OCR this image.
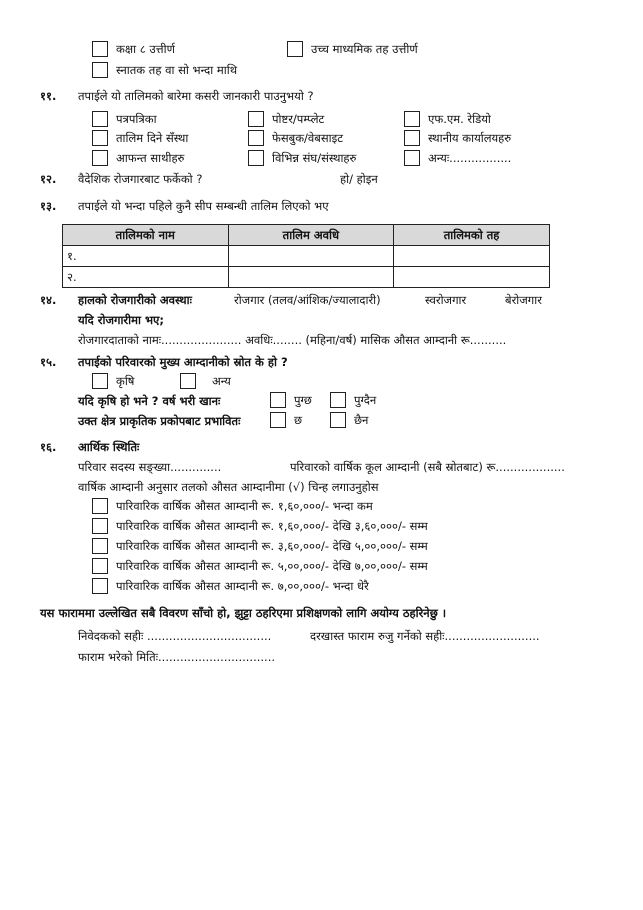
कक्षा ८ उत्तीर्ण	उच्च माध्यमिक तह उत्तीर्ण
स्नातक तह वा सो भन्दा माथि
११. तपाईले यो तालिमको बारेमा कसरी जानकारी पाउनुभयो ?
पत्रपत्रिका	पोष्टर/पम्प्लेट	एफ.एम. रेडियो
तालिम दिने सँस्था	फेसबुक/वेबसाइट	स्थानीय कार्यालयहरु
आफन्त साथीहरु	विभिन्न संघ/संस्थाहरु	अन्यः.................
१२. वैदेशिक रोजगारबाट फर्केको ?	हो/ होइन
१३. तपाईले यो भन्दा पहिले कुनै सीप सम्बन्धी तालिम लिएको भए
तालिमको नाम	तालिम अवधि	तालिमको तह
१.		
२.		
१४. हालको रोजगारीको अवस्थाः	रोजगार (तलव/आंशिक/ज्यालादारी)	स्वरोजगार	बेरोजगार
यदि रोजगारीमा भए;
रोजगारदाताको नामः...................... अवधिः........ (महिना/वर्ष) मासिक औसत आम्दानी रू..........
१५. तपाईको परिवारको मुख्य आम्दानीको स्रोत के हो ?
कृषि	अन्य
यदि कृषि हो भने ? वर्ष भरी खानः	पुग्छ	पुग्दैन
उक्त क्षेत्र प्राकृतिक प्रकोपबाट प्रभावितः	छ	छैन
१६. आर्थिक स्थितिः
परिवार सदस्य सङ्ख्या..............	परिवारको वार्षिक कूल आम्दानी (सबै स्रोतबाट) रू...................
वार्षिक आम्दानी अनुसार तलको औसत आम्दानीमा (√) चिन्ह लगाउनुहोस
पारिवारिक वार्षिक औसत आम्दानी रू. १,६०,०००/- भन्दा कम
पारिवारिक वार्षिक औसत आम्दानी रू. १,६०,०००/- देखि ३,६०,०००/- सम्म
पारिवारिक वार्षिक औसत आम्दानी रू. ३,६०,०००/- देखि ५,००,०००/- सम्म
पारिवारिक वार्षिक औसत आम्दानी रू. ५,००,०००/- देखि ७,००,०००/- सम्म
पारिवारिक वार्षिक औसत आम्दानी रू. ७,००,०००/- भन्दा धेरै
यस फाराममा उल्लेखित सबै विवरण साँचो हो, झुट्टा ठहरिएमा प्रशिक्षणको लागि अयोग्य ठहरिनेछु ।
निवेदकको सहीः ..................................	दरखास्त फाराम रुजु गर्नेको सहीः..........................
फाराम भरेको मितिः................................
